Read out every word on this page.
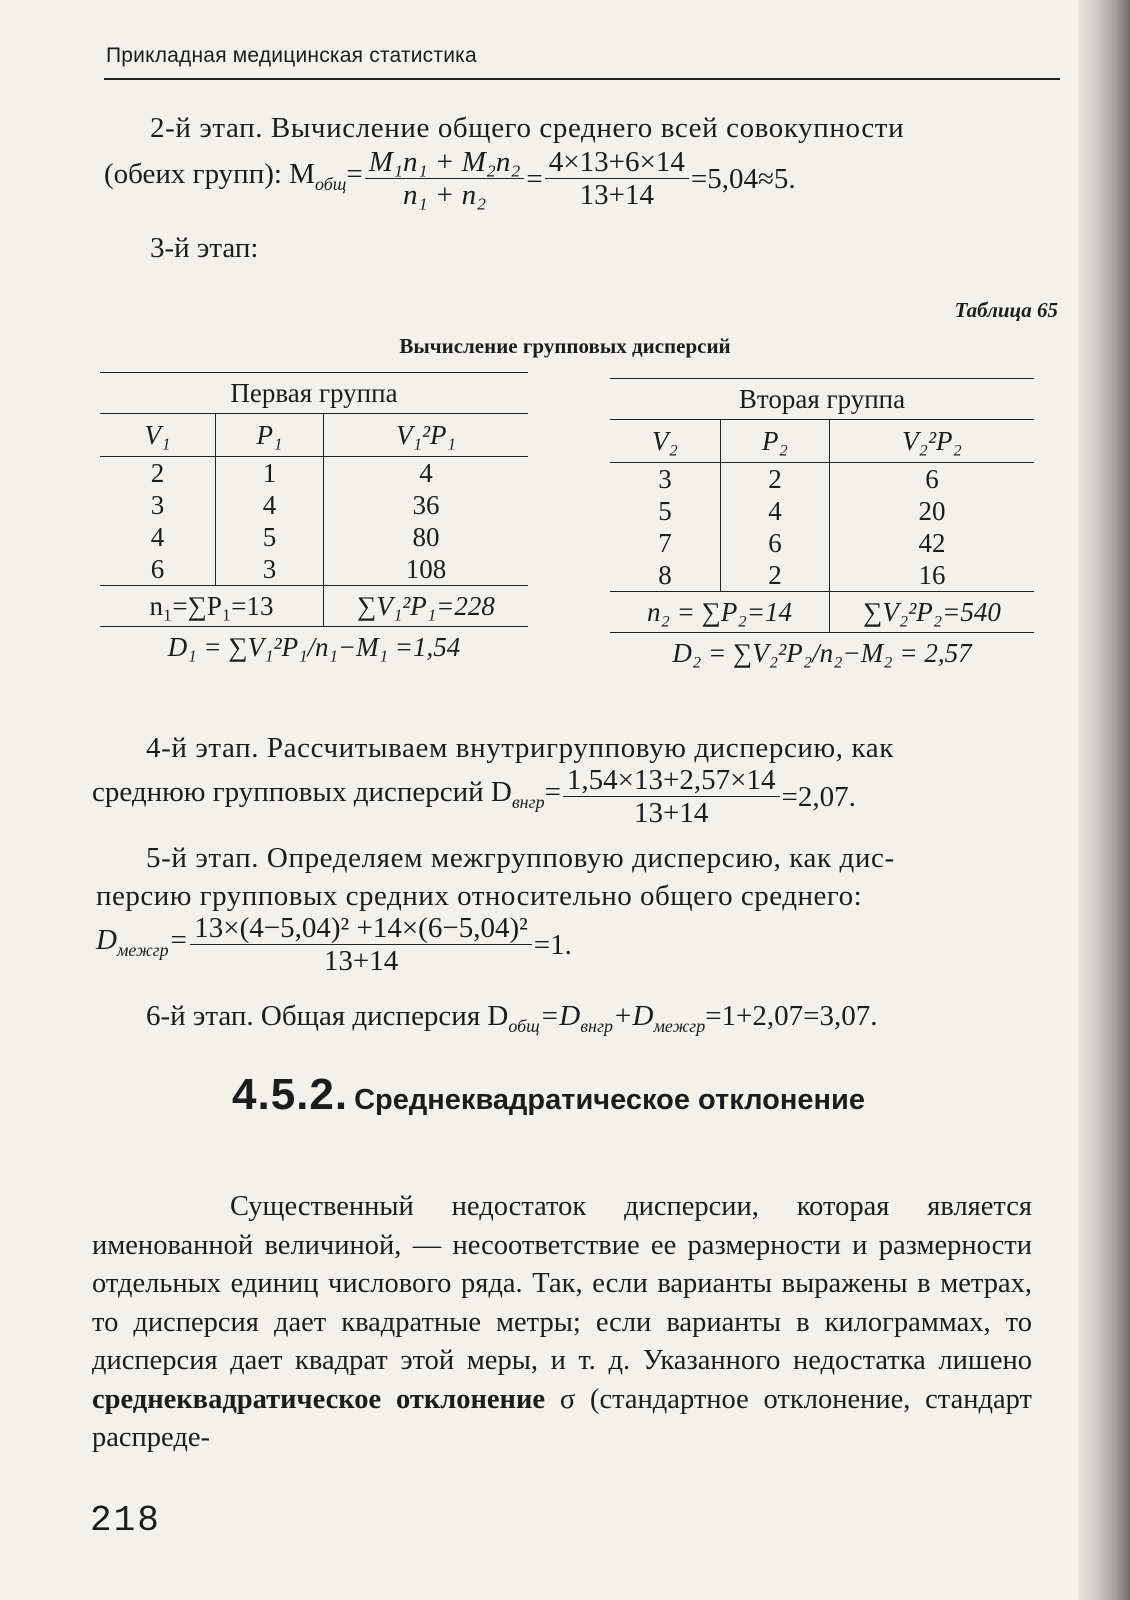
Прикладная медицинская статистика
2-й этап. Вычисление общего среднего всей совокупности
(обеих групп): $M_{общ}= \frac{\text{M₁n₁ + M₂n₂}}{\text{n₁ + n₂}} = \frac{4\times 13+6\times 14}{13+14} =5,04\approx 5$.
3-й этап:
Таблица 65
Вычисление групповых дисперсий
Первая группа		
V₁	P₁	V₁²P₁
2	1	4
3	4	36
4	5	80
6	3	108
n₁=∑P₁=13		∑V₁²P₁=228
D₁ = ∑V₁²P₁/n₁−M₁ =1,54		
Вторая группа		
V₂	P₂	V₂²P₂
3	2	6
5	4	20
7	6	42
8	2	16
n₂ = ∑P₂=14		∑V₂²P₂=540
D₂ = ∑V₂²P₂/n₂−M₂ = 2,57		
4-й этап. Рассчитываем внутригрупповую дисперсию, как
среднюю групповых дисперсий $D_{внгр}= \frac{1,54\times 13+2,57\times 14}{13+14} =2,07$.
5-й этап. Определяем межгрупповую дисперсию, как дис-
персию групповых средних относительно общего среднего:
$D_{межгр}= \frac{\text{13×(4−5,04)² +14×(6−5,04)²}}{13+14} =1$.
6-й этап. Общая дисперсия $D_{общ}=D_{внгр}+D_{межгр}=1+2,07=3,07$.
4.5.2. Среднеквадратическое отклонение
Существенный недостаток дисперсии, которая является именованной величиной, — несоответствие ее размерности и размерности отдельных единиц числового ряда. Так, если варианты выражены в метрах, то дисперсия дает квадратные метры; если варианты в килограммах, то дисперсия дает квадрат этой меры, и т. д. Указанного недостатка лишено среднеквадратическое отклонение σ (стандартное отклонение, стандарт распреде-
218
